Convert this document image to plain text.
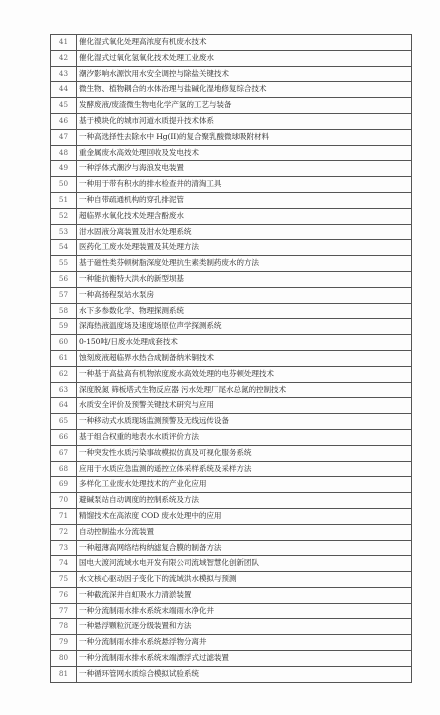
41	催化湿式氧化处理高浓度有机废水技术
42	催化湿式过氧化氢氧化技术处理工业废水
43	潮汐影响水源饮用水安全调控与除盐关键技术
44	微生物、植物耦合的水体治理与盐碱化湿地修复综合技术
45	发酵废液/废渣微生物电化学产氢的工艺与装备
46	基于模块化的城市河道水质提升技术体系
47	一种高选择性去除水中 Hg(II)的复合聚乳酸微球吸附材料
48	重金属废水高效处理回收及发电技术
49	一种浮体式潮汐与海浪发电装置
50	一种用于带有积水的排水检查井的清淘工具
51	一种自带疏通机构的穿孔排泥管
52	超临界水氧化技术处理含酚废水
53	泔水固液分离装置及泔水处理系统
54	医药化工废水处理装置及其处理方法
55	基于磁性类芬顿树脂深度处理抗生素类制药废水的方法
56	一种能抗衡特大洪水的新型坝基
57	一种高扬程泵站水泵房
58	水下多参数化学、物理探测系统
59	深海热液温度场及速度场原位声学探测系统
60	0-150吨/日废水处理成套技术
61	蚀刻废液超临界水热合成制备纳米铜技术
62	一种基于高盐高有机物浓度废水高效处理的电芬顿处理技术
63	深度脱氮 筛板塔式生物反应器 污水处理厂尾水总氮的控制技术
64	水质安全评价及预警关键技术研究与应用
65	一种移动式水质现场监测预警及无线远传设备
66	基于组合权重的地表水水质评价方法
67	一种突发性水质污染事故模拟仿真及可视化服务系统
68	应用于水质应急监测的遥控立体采样系统及采样方法
69	多样化工业废水处理技术的产业化应用
70	避碱泵站自动调度的控制系统及方法
71	精馏技术在高浓度 COD 废水处理中的应用
72	自动控制盐水分流装置
73	一种超薄高网络结构纳滤复合膜的制备方法
74	国电大渡河流域水电开发有限公司流域智慧化创新团队
75	水文核心驱动因子变化下的流域洪水模拟与预测
76	一种截流深井自虹吸水力清淤装置
77	一种分流制雨水排水系统末端雨水净化井
78	一种悬浮颗粒沉逐分级装置和方法
79	一种分流制雨水排水系统悬浮物分离井
80	一种分流制雨水排水系统末端漂浮式过滤装置
81	一种循环管网水质综合模拟试验系统
